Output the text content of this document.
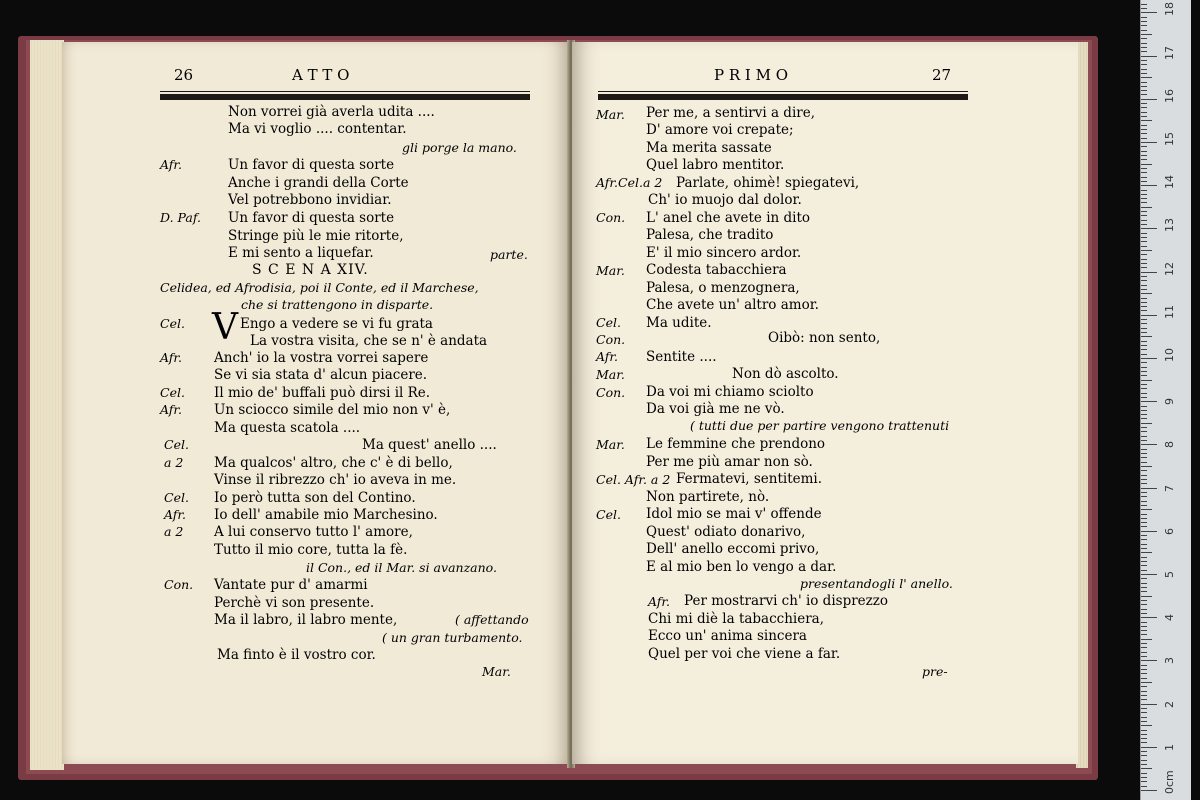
26	A T T O
Non vorrei già averla udita ....
Ma vi voglio .... contentar.
gli porge la mano.
Afr.	Un favor di questa sorte
Anche i grandi della Corte
Vel potrebbono invidiar.
D. Paf. Un favor di questa sorte
Stringe più le mie ritorte,
E mi sento a liquefar.	parte.
S C E N A XIV.
Celidea, ed Afrodisia, poi il Conte, ed il Marchese,
che si trattengono in disparte.
Cel. V Engo a vedere se vi fu grata
La vostra visita, che se n' è andata
Afr. Anch' io la vostra vorrei sapere
Se vi sia stata d' alcun piacere.
Cel. Il mio de' buffali può dirsi il Re.
Afr. Un sciocco simile del mio non v' è,
Ma questa scatola ....
Cel.	Ma quest' anello ....
a 2 Ma qualcos' altro, che c' è di bello,
Vinse il ribrezzo ch' io aveva in me.
Cel. Io però tutta son del Contino.
Afr. Io dell' amabile mio Marchesino.
a 2 A lui conservo tutto l' amore,
Tutto il mio core, tutta la fè.
il Con., ed il Mar. si avanzano.
Con. Vantate pur d' amarmi
Perchè vi son presente.
Ma il labro, il labro mente,	( affettando
( un gran turbamento.
Ma finto è il vostro cor.
Mar.
P R I M O	27
Mar. Per me, a sentirvi a dire,
D' amore voi crepate;
Ma merita sassate
Quel labro mentitor.
Afr.Cel.a 2 Parlate, ohimè! spiegatevi,
Ch' io muojo dal dolor.
Con. L' anel che avete in dito
Palesa, che tradito
E' il mio sincero ardor.
Mar. Codesta tabacchiera
Palesa, o menzognera,
Che avete un' altro amor.
Cel. Ma udite.
Con.	Oibò: non sento,
Afr. Sentite ....
Mar.	Non dò ascolto.
Con. Da voi mi chiamo sciolto
Da voi già me ne vò.
( tutti due per partire vengono trattenuti
Mar. Le femmine che prendono
Per me più amar non sò.
Cel. Afr. a 2 Fermatevi, sentitemi.
Non partirete, nò.
Cel. Idol mio se mai v' offende
Quest' odiato donarivo,
Dell' anello eccomi privo,
E al mio ben lo vengo a dar.
presentandogli l' anello.
Afr. Per mostrarvi ch' io disprezzo
Chi mi diè la tabacchiera,
Ecco un' anima sincera
Quel per voi che viene a far.
pre-
0cm
1
2
3
4
5
6
7
8
9
10
11
12
13
14
15
16
17
18
